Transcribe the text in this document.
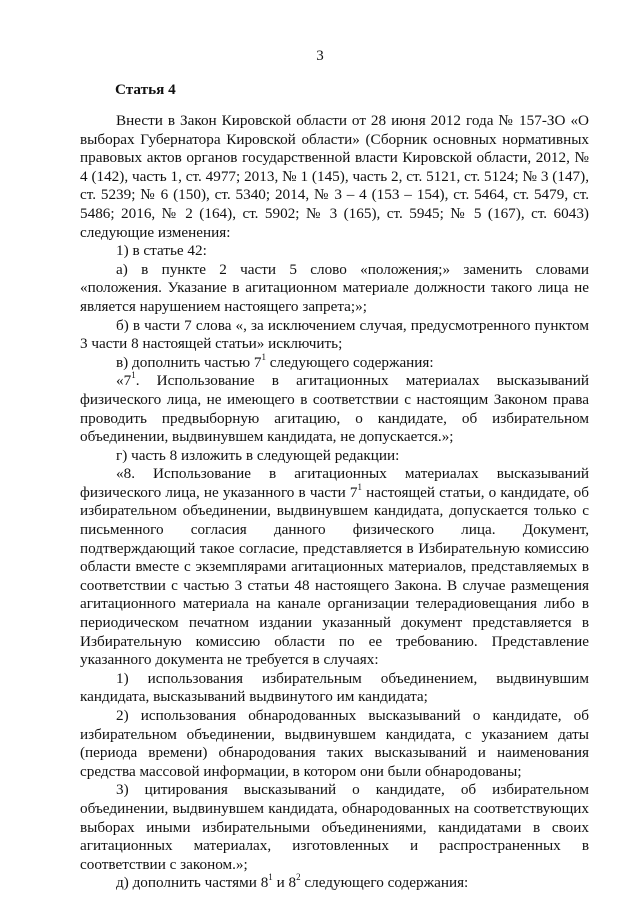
3
Статья 4

Внести в Закон Кировской области от 28 июня 2012 года № 157-ЗО «О выборах Губернатора Кировской области» (Сборник основных нормативных правовых актов органов государственной власти Кировской области, 2012, № 4 (142), часть 1, ст. 4977; 2013, № 1 (145), часть 2, ст. 5121, ст. 5124; № 3 (147), ст. 5239; № 6 (150), ст. 5340; 2014, № 3 – 4 (153 – 154), ст. 5464, ст. 5479, ст. 5486; 2016, № 2 (164), ст. 5902; № 3 (165), ст. 5945; № 5 (167), ст. 6043) следующие изменения:

1) в статье 42:

а) в пункте 2 части 5 слово «положения;» заменить словами «положения. Указание в агитационном материале должности такого лица не является нарушением настоящего запрета;»;

б) в части 7 слова «, за исключением случая, предусмотренного пунктом 3 части 8 настоящей статьи» исключить;

в) дополнить частью $7^1$ следующего содержания:

«$7^1$. Использование в агитационных материалах высказываний физического лица, не имеющего в соответствии с настоящим Законом права проводить предвыборную агитацию, о кандидате, об избирательном объединении, выдвинувшем кандидата, не допускается.»;

г) часть 8 изложить в следующей редакции:

«8. Использование в агитационных материалах высказываний физического лица, не указанного в части $7^1$ настоящей статьи, о кандидате, об избирательном объединении, выдвинувшем кандидата, допускается только с письменного согласия данного физического лица. Документ, подтверждающий такое согласие, представляется в Избирательную комиссию области вместе с экземплярами агитационных материалов, представляемых в соответствии с частью 3 статьи 48 настоящего Закона. В случае размещения агитационного материала на канале организации телерадиовещания либо в периодическом печатном издании указанный документ представляется в Избирательную комиссию области по ее требованию. Представление указанного документа не требуется в случаях:

1) использования избирательным объединением, выдвинувшим кандидата, высказываний выдвинутого им кандидата;

2) использования обнародованных высказываний о кандидате, об избирательном объединении, выдвинувшем кандидата, с указанием даты (периода времени) обнародования таких высказываний и наименования средства массовой информации, в котором они были обнародованы;

3) цитирования высказываний о кандидате, об избирательном объединении, выдвинувшем кандидата, обнародованных на соответствующих выборах иными избирательными объединениями, кандидатами в своих агитационных материалах, изготовленных и распространенных в соответствии с законом.»;

д) дополнить частями $8^1$ и $8^2$ следующего содержания:
